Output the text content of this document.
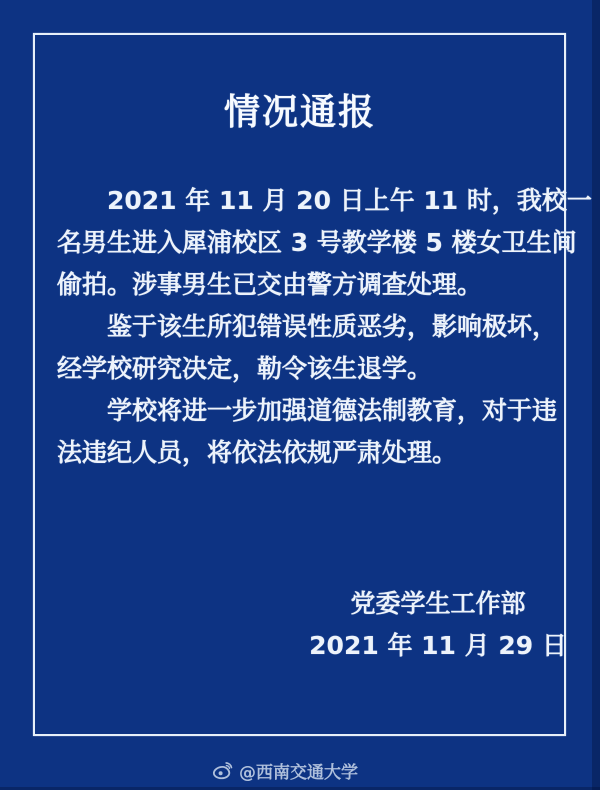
情况通报
2021 年 11 月 20 日上午 11 时，我校一
名男生进入犀浦校区 3 号教学楼 5 楼女卫生间
偷拍。涉事男生已交由警方调查处理。
鉴于该生所犯错误性质恶劣，影响极坏，
经学校研究决定，勒令该生退学。
学校将进一步加强道德法制教育，对于违
法违纪人员，将依法依规严肃处理。
党委学生工作部
2021 年 11 月 29 日
@西南交通大学
